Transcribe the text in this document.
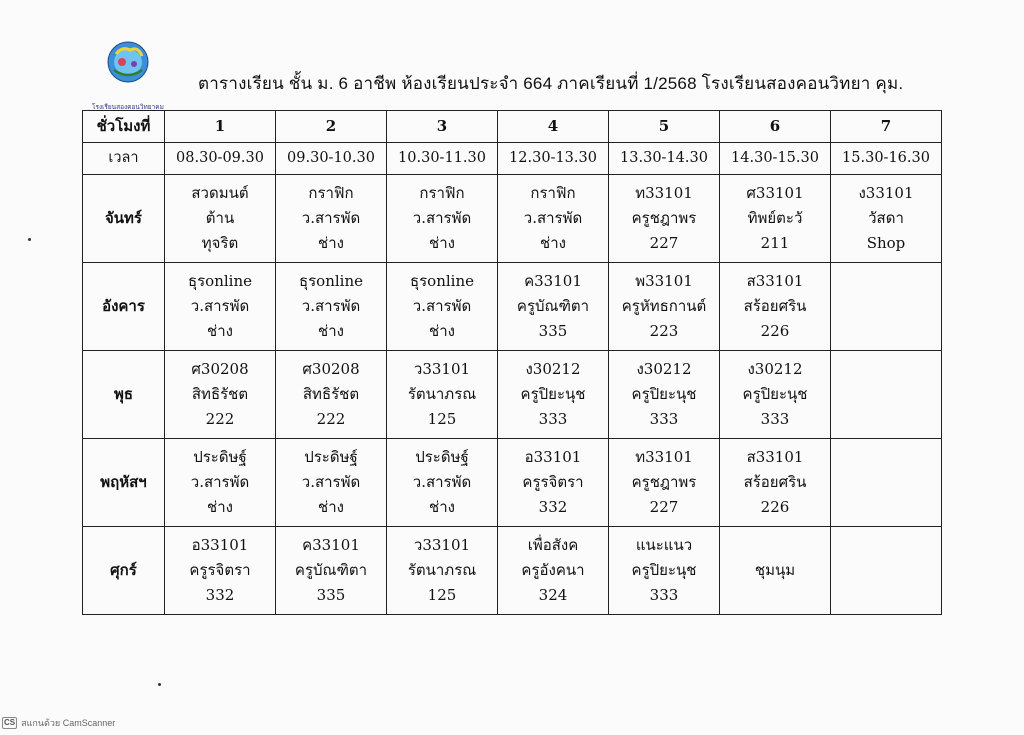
โรงเรียนสองคอนวิทยาคม
ตารางเรียน ชั้น ม. 6 อาชีพ ห้องเรียนประจำ 664 ภาคเรียนที่ 1/2568 โรงเรียนสองคอนวิทยา คุม.
ชั่วโมงที่	1	2	3	4	5	6	7
เวลา	08.30-09.30	09.30-10.30	10.30-11.30	12.30-13.30	13.30-14.30	14.30-15.30	15.30-16.30
จันทร์	สวดมนต์
ต้าน
ทุจริต	กราฟิก
ว.สารพัด
ช่าง	กราฟิก
ว.สารพัด
ช่าง	กราฟิก
ว.สารพัด
ช่าง	ท33101
ครูชฎาพร
227	ศ33101
ทิพย์ตะวั
211	ง33101
วัสดา
Shop

อังคาร	ธุรonline
ว.สารพัด
ช่าง	ธุรonline
ว.สารพัด
ช่าง	ธุรonline
ว.สารพัด
ช่าง	ค33101
ครูบัณฑิตา
335	พ33101
ครูหัทธกานต์
223	ส33101
สร้อยศริน
226	

พุธ	ศ30208
สิทธิรัชต
222	ศ30208
สิทธิรัชต
222	ว33101
รัตนาภรณ
125	ง30212
ครูปิยะนุช
333	ง30212
ครูปิยะนุช
333	ง30212
ครูปิยะนุช
333	

พฤหัสฯ	ประดิษฐ์
ว.สารพัด
ช่าง	ประดิษฐ์
ว.สารพัด
ช่าง	ประดิษฐ์
ว.สารพัด
ช่าง	อ33101
ครูรจิตรา
332	ท33101
ครูชฎาพร
227	ส33101
สร้อยศริน
226	

ศุกร์	อ33101
ครูรจิตรา
332	ค33101
ครูบัณฑิตา
335	ว33101
รัตนาภรณ
125	เพื่อสังค
ครูอังคนา
324	แนะแนว
ครูปิยะนุช
333	ชุมนุม	

CS สแกนด้วย CamScanner
